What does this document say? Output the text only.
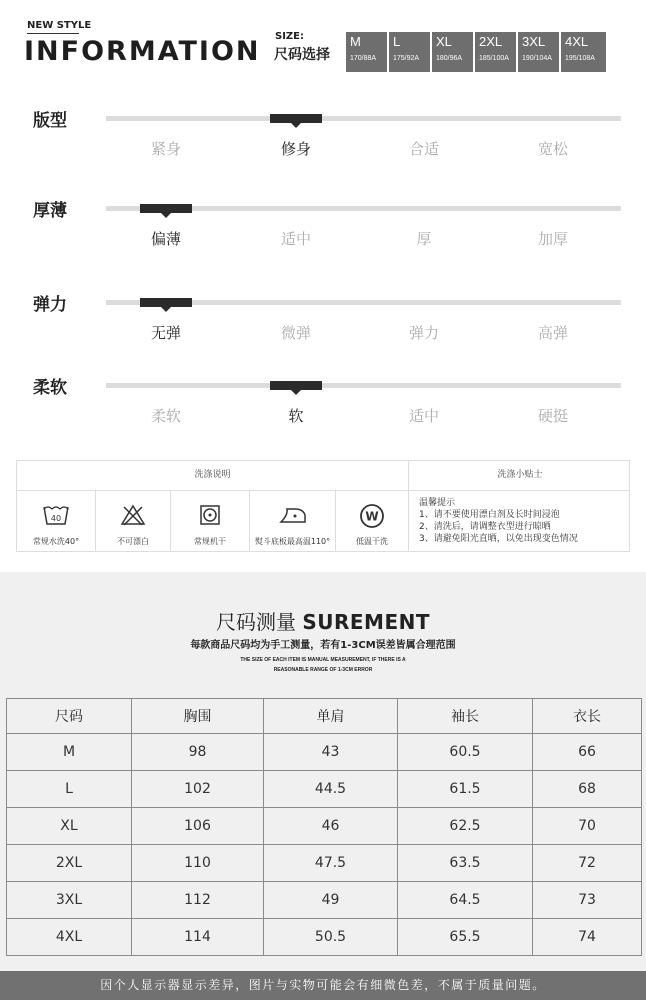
NEW STYLE
INFORMATION SIZE:
尺码选择
M
170/88A
L
175/92A
XL
180/96A
2XL
185/100A
3XL
190/104A
4XL
195/108A
版型
紧身	修身	合适	宽松
厚薄
偏薄	适中	厚	加厚
弹力
无弹	微弹	弹力	高弹
柔软
柔软	软	适中	硬挺
洗涤说明	洗涤小贴士
40
常规水洗40°	不可漂白	常规机干	熨斗底板最高温110°
W
低温干洗
温馨提示
1、请不要使用漂白剂及长时间浸泡
2、清洗后，请调整衣型进行晾晒
3、请避免阳光直晒，以免出现变色情况
尺码测量 SUREMENT
每款商品尺码均为手工测量，若有1-3CM误差皆属合理范围
THE SIZE OF EACH ITEM IS MANUAL MEASUREMENT, IF THERE IS A
REASONABLE RANGE OF 1-3CM ERROR
尺码	胸围	单肩	袖长	衣长
M	98	43	60.5	66
L	102	44.5	61.5	68
XL	106	46	62.5	70
2XL	110	47.5	63.5	72
3XL	112	49	64.5	73
4XL	114	50.5	65.5	74
因个人显示器显示差异，图片与实物可能会有细微色差，不属于质量问题。
